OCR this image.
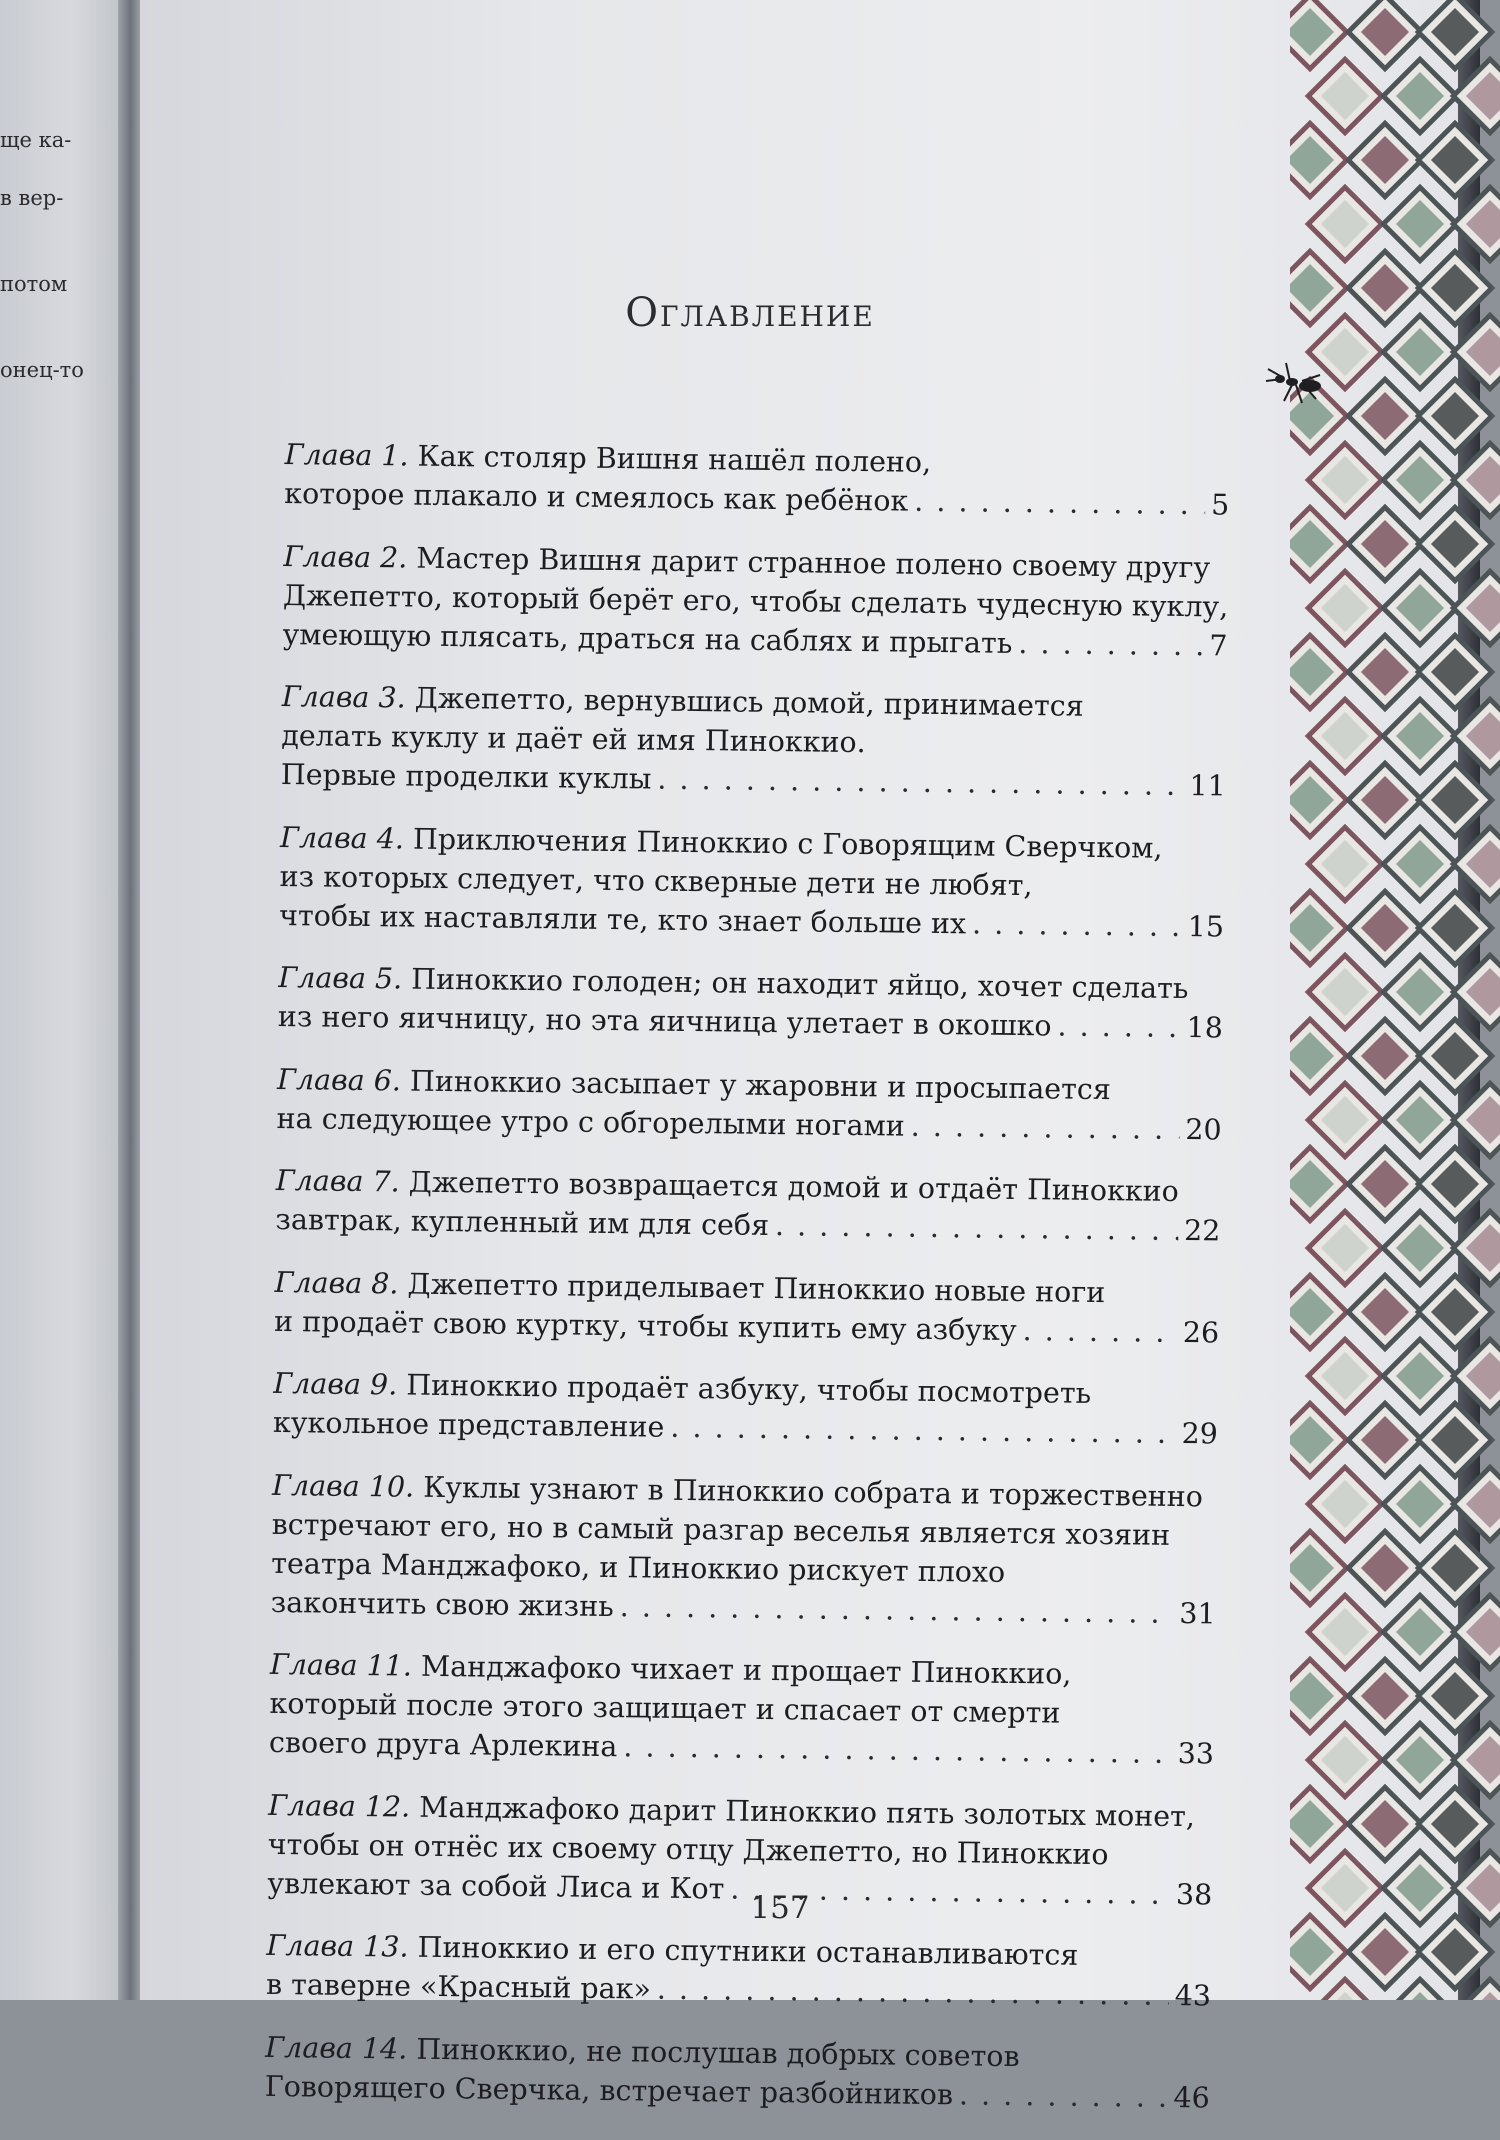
ще ка-
в вер-
потом
онец-то
Оглавление
Глава 1. Как столяр Вишня нашёл полено,
которое плакало и смеялось как ребёнок . . .	5
Глава 2. Мастер Вишня дарит странное полено своему другу
Джепетто, который берёт его, чтобы сделать чудесную куклу,
умеющую плясать, драться на саблях и прыгать . . .	7
Глава 3. Джепетто, вернувшись домой, принимается
делать куклу и даёт ей имя Пиноккио.
Первые проделки куклы . . .	11
Глава 4. Приключения Пиноккио с Говорящим Сверчком,
из которых следует, что скверные дети не любят,
чтобы их наставляли те, кто знает больше их . . .	15
Глава 5. Пиноккио голоден; он находит яйцо, хочет сделать
из него яичницу, но эта яичница улетает в окошко . . .	18
Глава 6. Пиноккио засыпает у жаровни и просыпается
на следующее утро с обгорелыми ногами . . .	20
Глава 7. Джепетто возвращается домой и отдаёт Пиноккио
завтрак, купленный им для себя . . .	22
Глава 8. Джепетто приделывает Пиноккио новые ноги
и продаёт свою куртку, чтобы купить ему азбуку . . .	26
Глава 9. Пиноккио продаёт азбуку, чтобы посмотреть
кукольное представление . . .	29
Глава 10. Куклы узнают в Пиноккио собрата и торжественно
встречают его, но в самый разгар веселья является хозяин
театра Манджафоко, и Пиноккио рискует плохо
закончить свою жизнь . . .	31
Глава 11. Манджафоко чихает и прощает Пиноккио,
который после этого защищает и спасает от смерти
своего друга Арлекина . . .	33
Глава 12. Манджафоко дарит Пиноккио пять золотых монет,
чтобы он отнёс их своему отцу Джепетто, но Пиноккио
увлекают за собой Лиса и Кот . . .	38
Глава 13. Пиноккио и его спутники останавливаются
в таверне «Красный рак» . . .	43
Глава 14. Пиноккио, не послушав добрых советов
Говорящего Сверчка, встречает разбойников . . .	46

157
